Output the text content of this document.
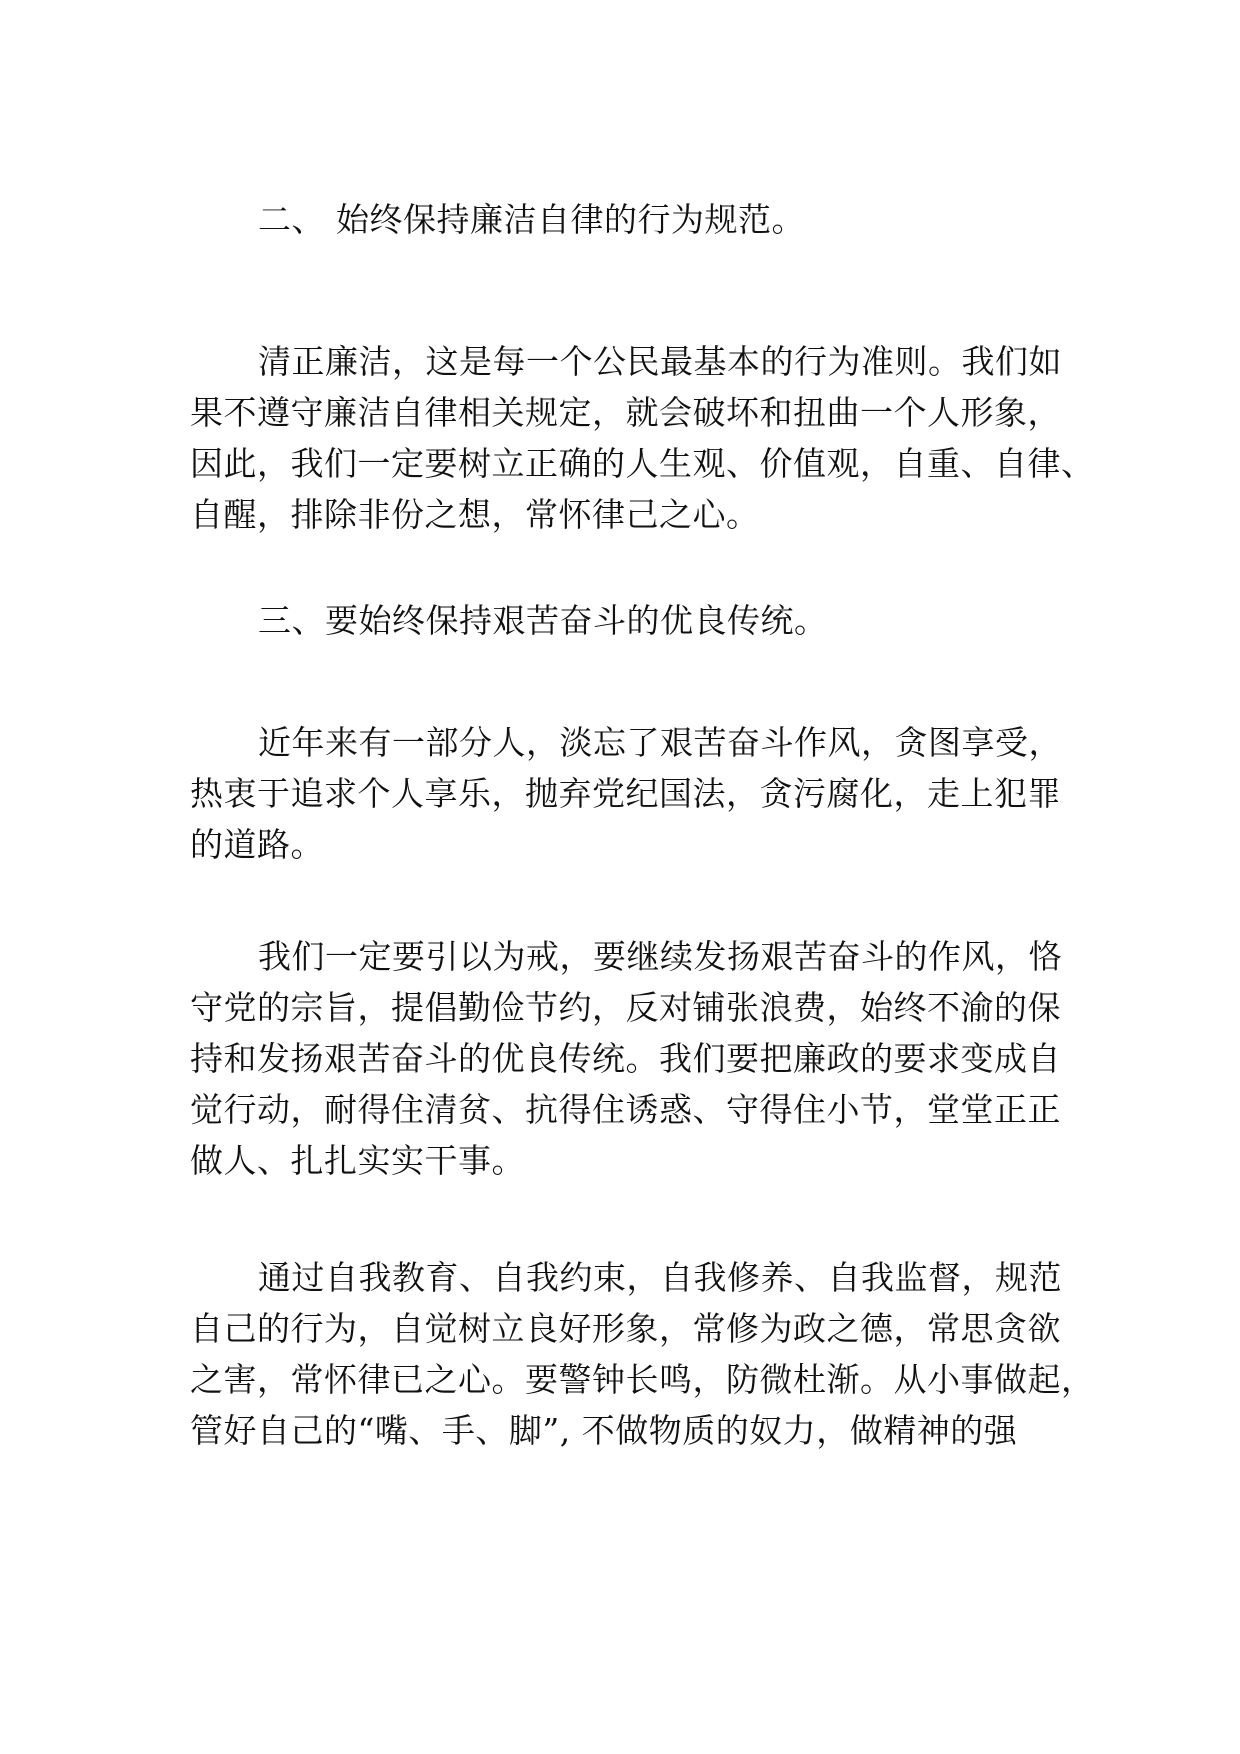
二、 始终保持廉洁自律的行为规范。

清正廉洁，这是每一个公民最基本的行为准则。我们如

果不遵守廉洁自律相关规定，就会破坏和扭曲一个人形象，

因此，我们一定要树立正确的人生观、价值观，自重、自律、

自醒，排除非份之想，常怀律己之心。

三、要始终保持艰苦奋斗的优良传统。

近年来有一部分人，淡忘了艰苦奋斗作风，贪图享受，

热衷于追求个人享乐，抛弃党纪国法，贪污腐化，走上犯罪

的道路。

我们一定要引以为戒，要继续发扬艰苦奋斗的作风，恪

守党的宗旨，提倡勤俭节约，反对铺张浪费，始终不渝的保

持和发扬艰苦奋斗的优良传统。我们要把廉政的要求变成自

觉行动，耐得住清贫、抗得住诱惑、守得住小节，堂堂正正

做人、扎扎实实干事。

通过自我教育、自我约束，自我修养、自我监督，规范

自己的行为，自觉树立良好形象，常修为政之德，常思贪欲

之害，常怀律已之心。要警钟长鸣，防微杜渐。从小事做起，

管好自己的“嘴、手、脚”, 不做物质的奴力，做精神的强
